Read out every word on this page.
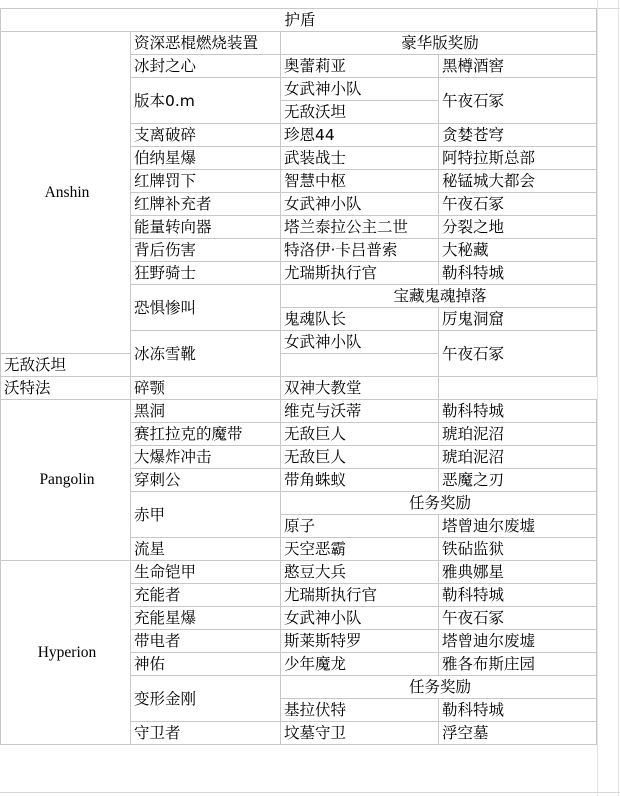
护盾			
Anshin	资深恶棍燃烧装置	豪华版奖励	
	冰封之心	奥蕾莉亚	黑樽酒窖
	版本0.m	女武神小队	午夜石冢
		无敌沃坦	
	支离破碎	珍恩44	贪婪苍穹
	伯纳星爆	武装战士	阿特拉斯总部
	红牌罚下	智慧中枢	秘锰城大都会
	红牌补充者	女武神小队	午夜石冢
	能量转向器	塔兰泰拉公主二世	分裂之地
	背后伤害	特洛伊·卡吕普索	大秘藏
	狂野骑士	尤瑞斯执行官	勒科特城
	恐惧惨叫	宝藏鬼魂掉落	
		鬼魂队长	厉鬼洞窟
	冰冻雪靴	女武神小队	午夜石冢
无敌沃坦			
沃特法	碎颚	双神大教堂	
Pangolin	黑洞	维克与沃蒂	勒科特城
	赛扛拉克的魔带	无敌巨人	琥珀泥沼
	大爆炸冲击	无敌巨人	琥珀泥沼
	穿刺公	带角蛛蚁	恶魔之刃
	赤甲	任务奖励	
		原子	塔曾迪尔废墟
	流星	天空恶霸	铁砧监狱
Hyperion	生命铠甲	憨豆大兵	雅典娜星
	充能者	尤瑞斯执行官	勒科特城
	充能星爆	女武神小队	午夜石冢
	带电者	斯莱斯特罗	塔曾迪尔废墟
	神佑	少年魔龙	雅各布斯庄园
	变形金刚	任务奖励	
		基拉伏特	勒科特城
	守卫者	坟墓守卫	浮空墓
